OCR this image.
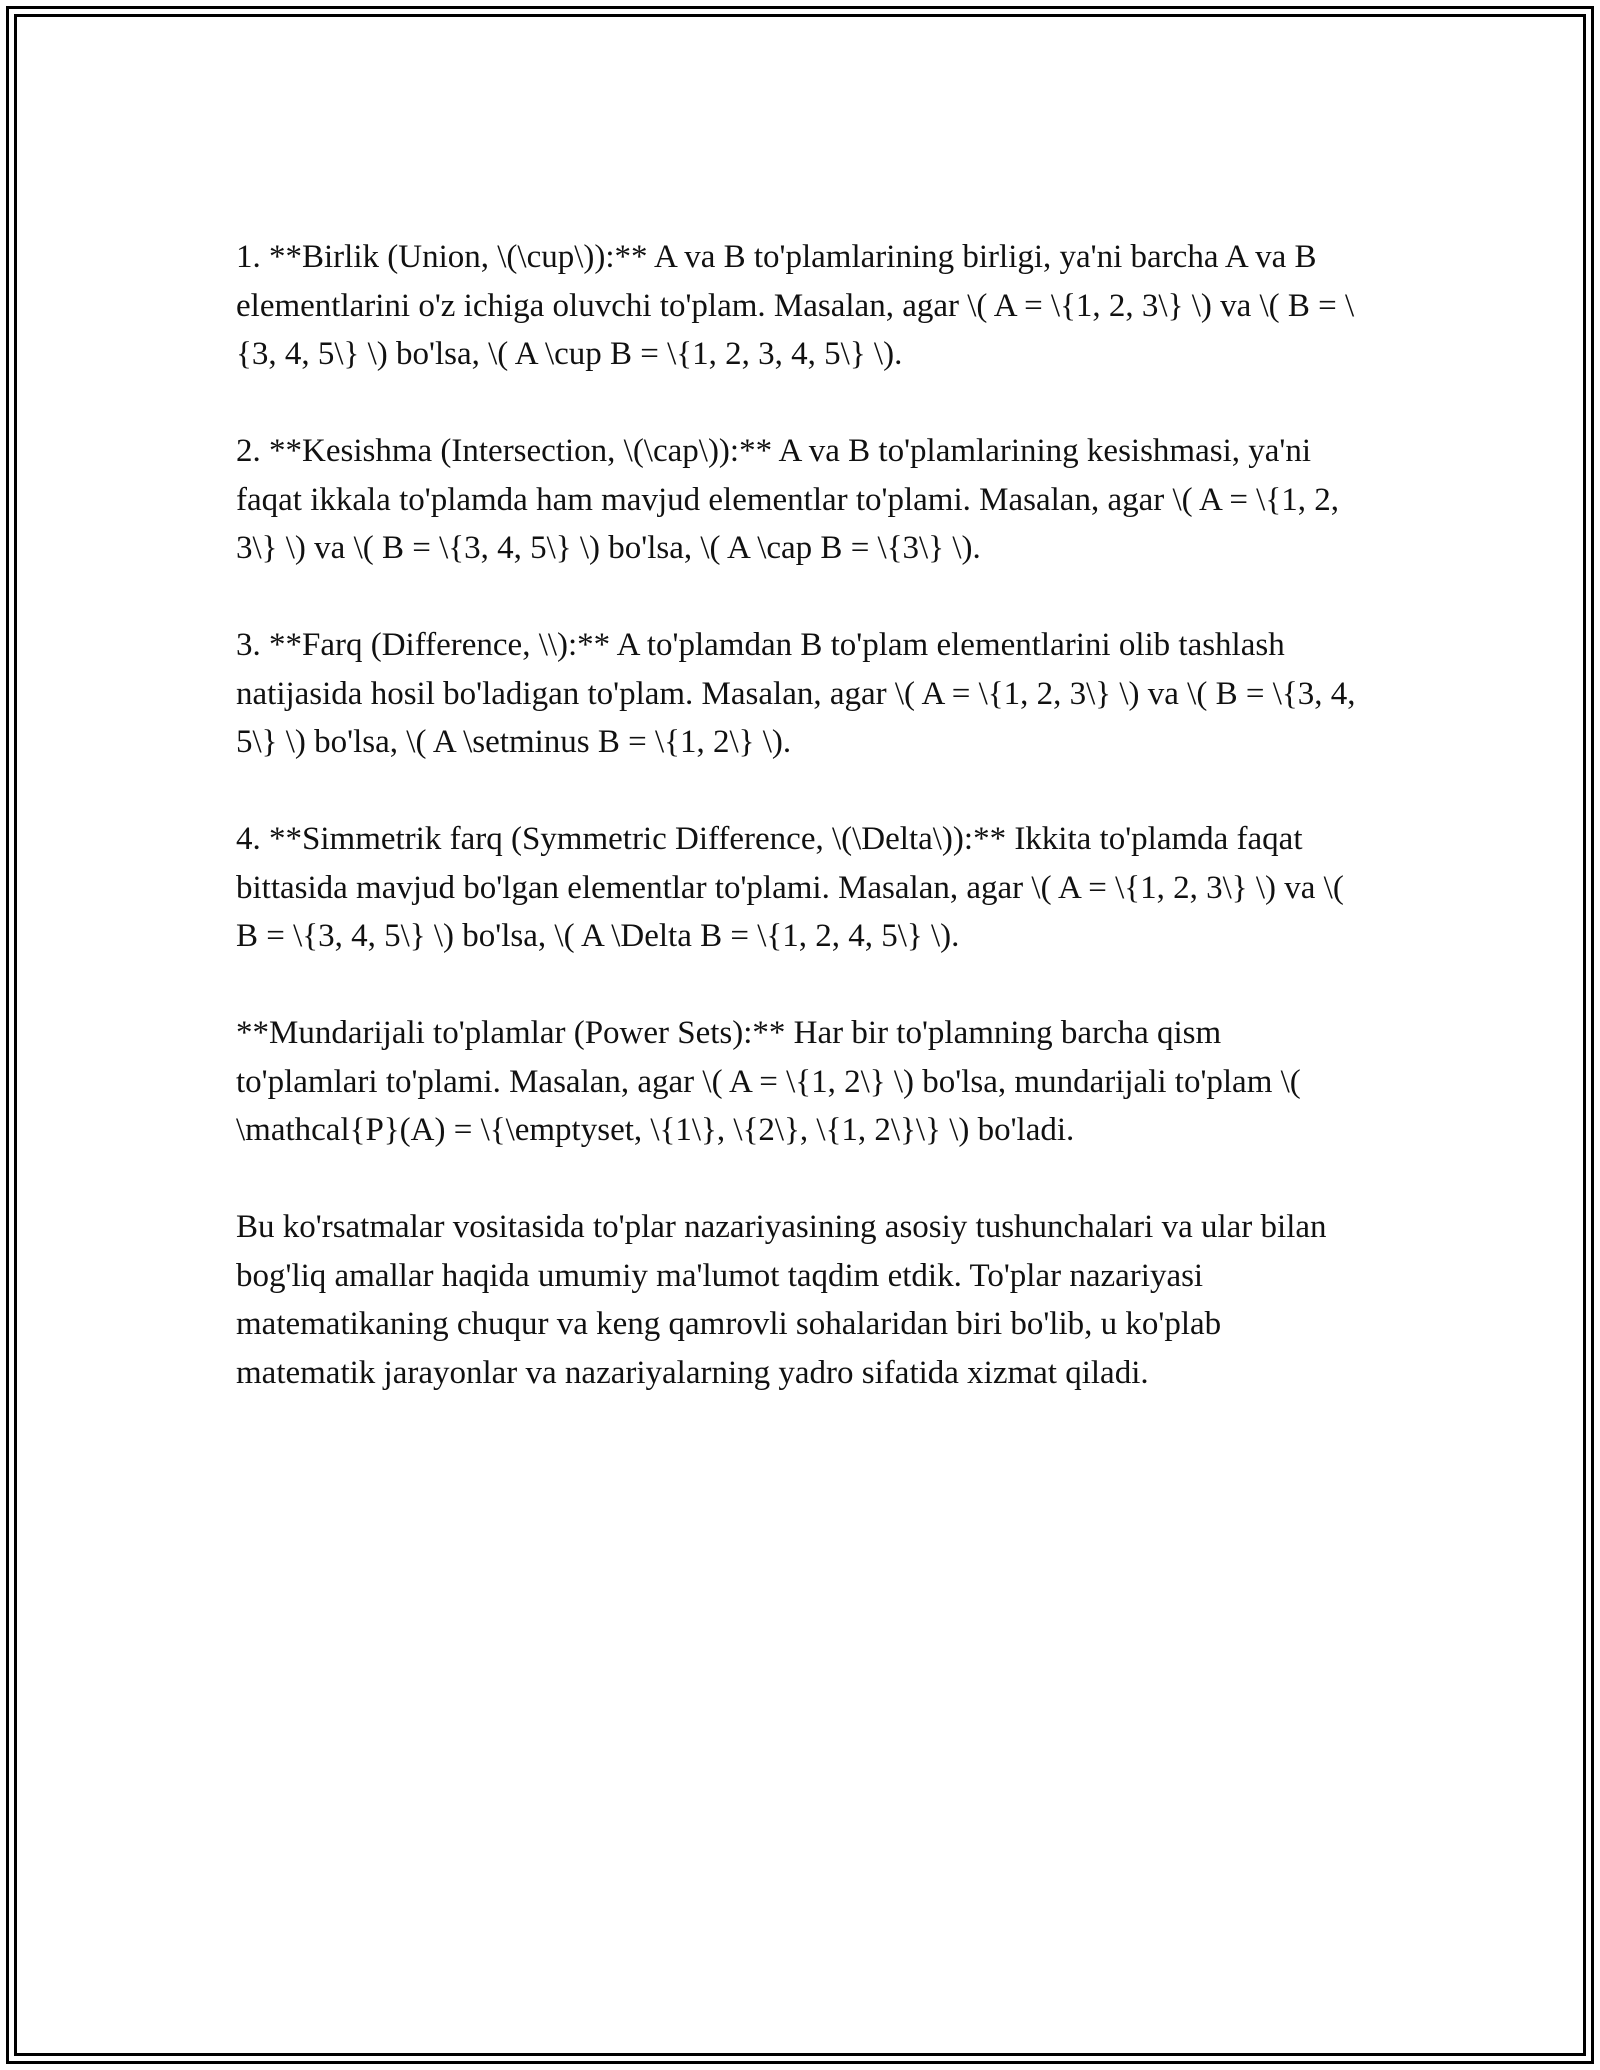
1. **Birlik (Union, \(\cup\)):** A va B to'plamlarining birligi, ya'ni barcha A va B elementlarini o'z ichiga oluvchi to'plam. Masalan, agar \( A = \{1, 2, 3\} \) va \( B = \{3, 4, 5\} \) bo'lsa, \( A \cup B = \{1, 2, 3, 4, 5\} \).

2. **Kesishma (Intersection, \(\cap\)):** A va B to'plamlarining kesishmasi, ya'ni faqat ikkala to'plamda ham mavjud elementlar to'plami. Masalan, agar \( A = \{1, 2, 3\} \) va \( B = \{3, 4, 5\} \) bo'lsa, \( A \cap B = \{3\} \).

3. **Farq (Difference, \\):** A to'plamdan B to'plam elementlarini olib tashlash natijasida hosil bo'ladigan to'plam. Masalan, agar \( A = \{1, 2, 3\} \) va \( B = \{3, 4, 5\} \) bo'lsa, \( A \setminus B = \{1, 2\} \).

4. **Simmetrik farq (Symmetric Difference, \(\Delta\)):** Ikkita to'plamda faqat bittasida mavjud bo'lgan elementlar to'plami. Masalan, agar \( A = \{1, 2, 3\} \) va \( B = \{3, 4, 5\} \) bo'lsa, \( A \Delta B = \{1, 2, 4, 5\} \).

**Mundarijali to'plamlar (Power Sets):** Har bir to'plamning barcha qism to'plamlari to'plami. Masalan, agar \( A = \{1, 2\} \) bo'lsa, mundarijali to'plam \( \mathcal{P}(A) = \{\emptyset, \{1\}, \{2\}, \{1, 2\}\} \) bo'ladi.

Bu ko'rsatmalar vositasida to'plar nazariyasining asosiy tushunchalari va ular bilan bog'liq amallar haqida umumiy ma'lumot taqdim etdik. To'plar nazariyasi matematikaning chuqur va keng qamrovli sohalaridan biri bo'lib, u ko'plab matematik jarayonlar va nazariyalarning yadro sifatida xizmat qiladi.
